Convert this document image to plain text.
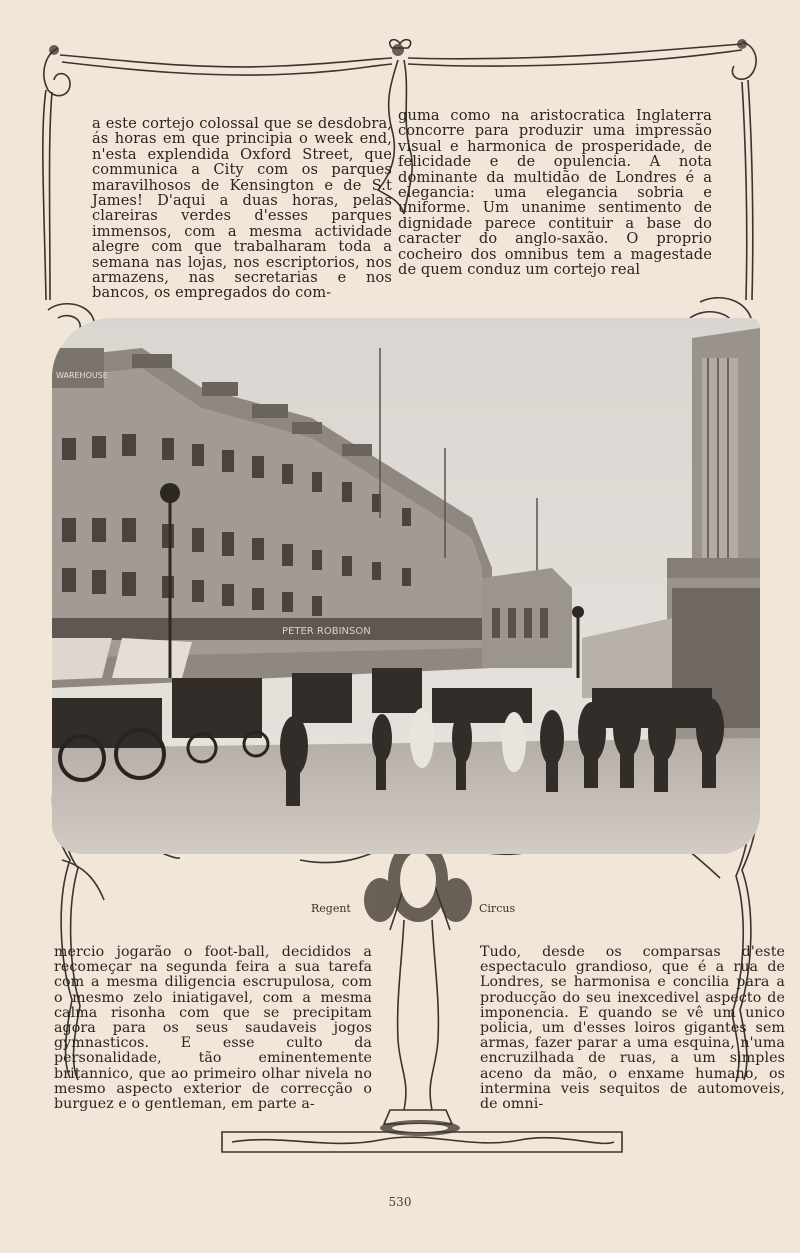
a este cortejo colossal que se desdobra, ás horas em que principia o week end, n'esta explendida Oxford Street, que communica a City com os parques maravilhosos de Kensington e de S.t James! D'aqui a duas horas, pelas clareiras verdes d'esses parques immensos, com a mesma actividade alegre com que trabalharam toda a semana nas lojas, nos escriptorios, nos armazens, nas secretarias e nos bancos, os empregados do com-

guma como na aristocratica Inglaterra concorre para produzir uma impressão visual e harmonica de prosperidade, de felicidade e de opulencia. A nota dominante da multidão de Londres é a elegancia: uma elegancia sobria e uniforme. Um unanime sentimento de dignidade parece contituir a base do caracter do anglo-saxão. O proprio cocheiro dos omnibus tem a magestade de quem conduz um cortejo real

PETER ROBINSON
WAREHOUSE
Regent	Circus

mercio jogarão o foot-ball, decididos a recomeçar na segunda feira a sua tarefa com a mesma diligencia escrupulosa, com o mesmo zelo iniatigavel, com a mesma calma risonha com que se precipitam agora para os seus saudaveis jogos gymnasticos. E esse culto da personalidade, tão eminentemente britannico, que ao primeiro olhar nivela no mesmo aspecto exterior de correcção o burguez e o gentleman, em parte a-

Tudo, desde os comparsas d'este espectaculo grandioso, que é a rua de Londres, se harmonisa e concilia para a producção do seu inexcedivel aspecto de imponencia. E quando se vê um unico policia, um d'esses loiros gigantes sem armas, fazer parar a uma esquina, n'uma encruzilhada de ruas, a um simples aceno da mão, o enxame humano, os intermina veis sequitos de automoveis, de omni-

530
